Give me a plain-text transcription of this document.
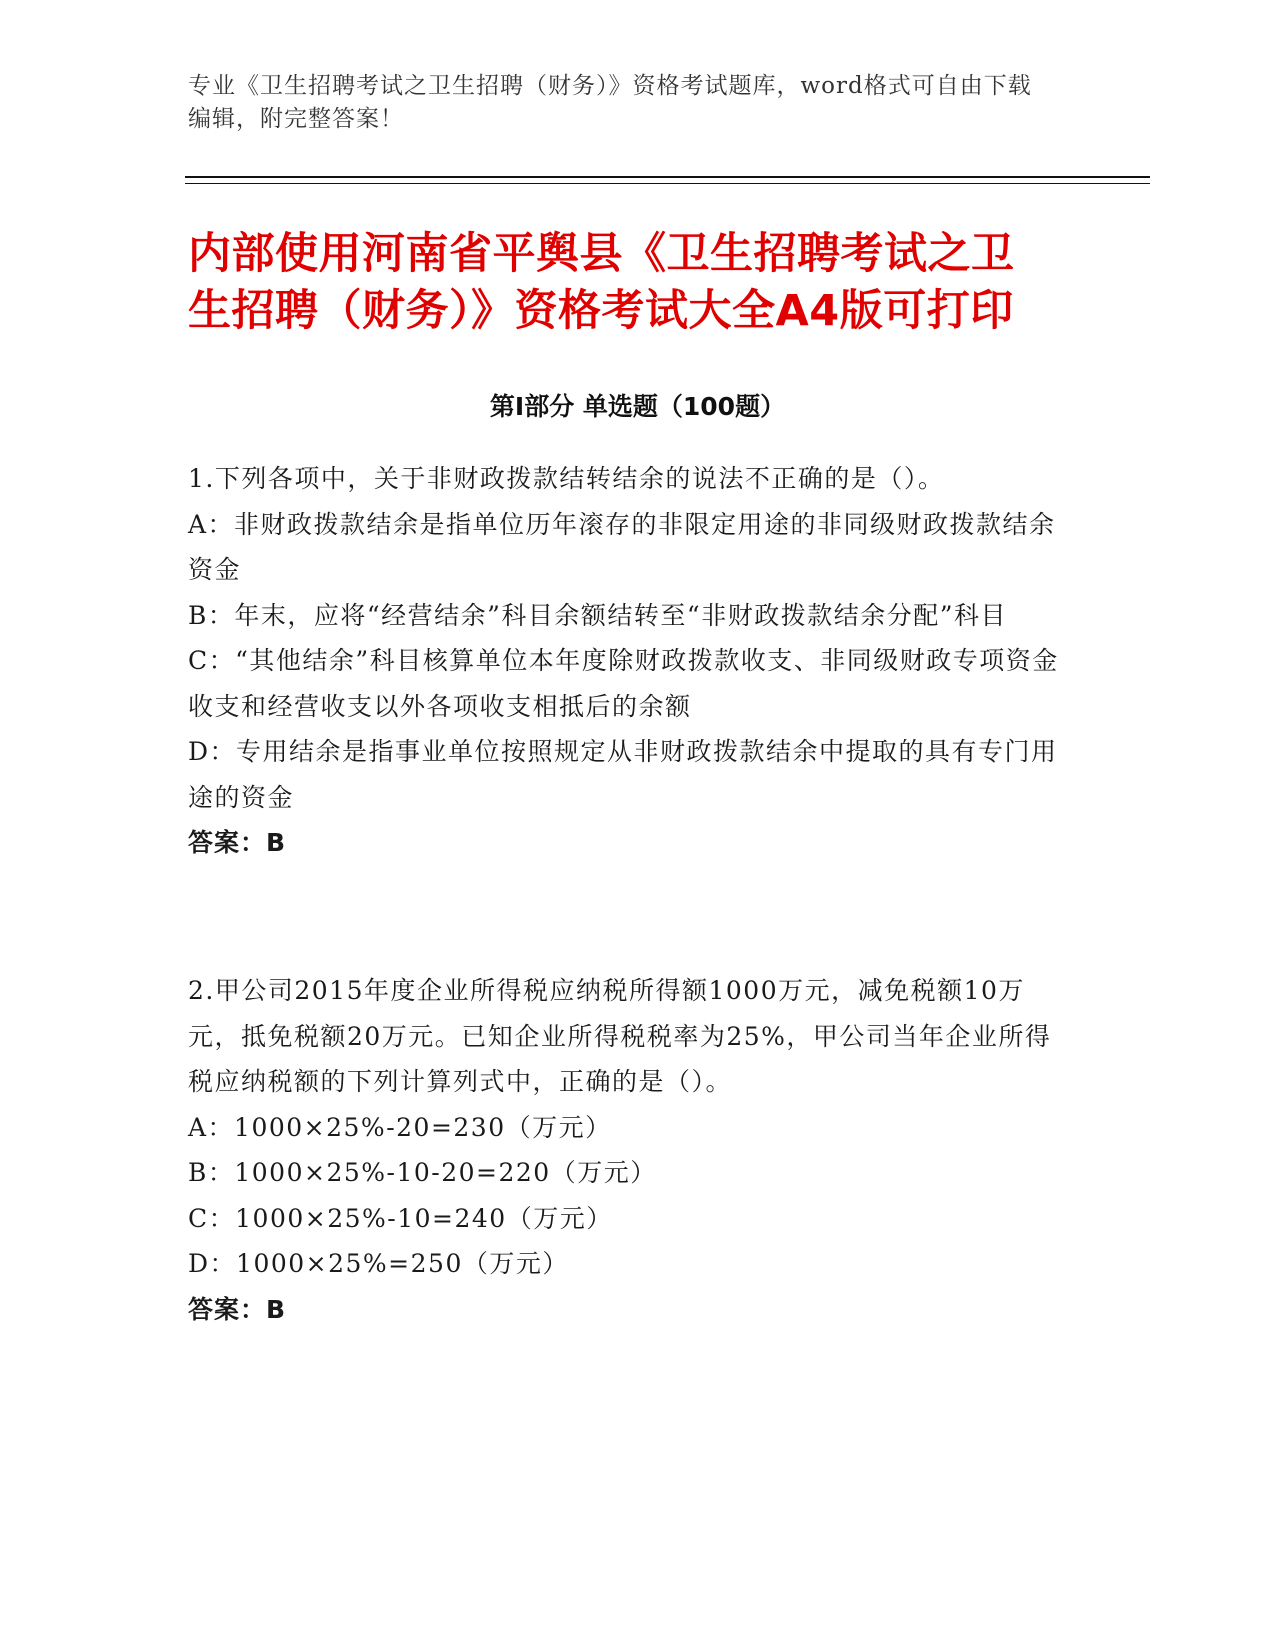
专业《卫生招聘考试之卫生招聘（财务）》资格考试题库，word格式可自由下载
编辑，附完整答案！
内部使用河南省平舆县《卫生招聘考试之卫
生招聘（财务）》资格考试大全A4版可打印
第Ⅰ部分 单选题（100题）

1.下列各项中，关于非财政拨款结转结余的说法不正确的是（）。

A：非财政拨款结余是指单位历年滚存的非限定用途的非同级财政拨款结余资金

B：年末，应将“经营结余”科目余额结转至“非财政拨款结余分配”科目

C：“其他结余”科目核算单位本年度除财政拨款收支、非同级财政专项资金收支和经营收支以外各项收支相抵后的余额

D：专用结余是指事业单位按照规定从非财政拨款结余中提取的具有专门用途的资金

答案：B

2.甲公司2015年度企业所得税应纳税所得额1000万元，减免税额10万元，抵免税额20万元。已知企业所得税税率为25%，甲公司当年企业所得税应纳税额的下列计算列式中，正确的是（）。

A：1000×25%-20=230（万元）

B：1000×25%-10-20=220（万元）

C：1000×25%-10=240（万元）

D：1000×25%=250（万元）

答案：B
